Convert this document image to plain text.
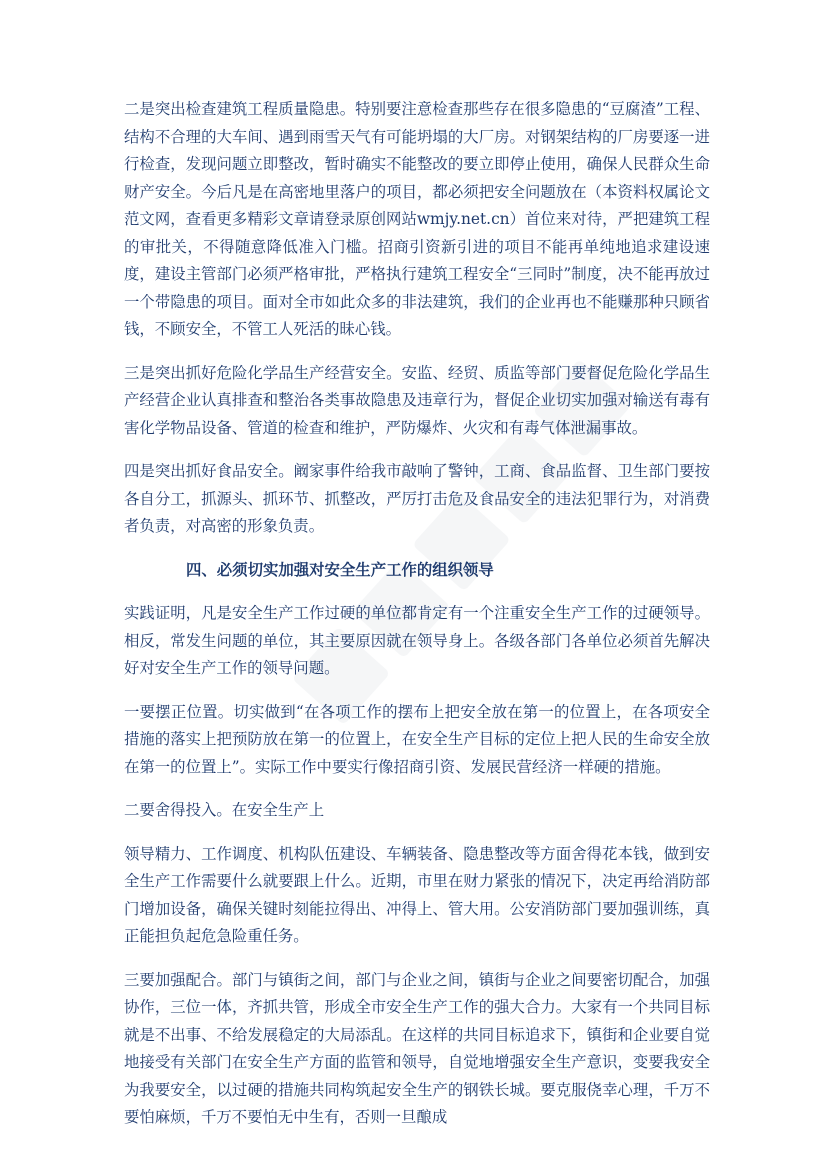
二是突出检查建筑工程质量隐患。特别要注意检查那些存在很多隐患的“豆腐渣”工程、结构不合理的大车间、遇到雨雪天气有可能坍塌的大厂房。对钢架结构的厂房要逐一进行检查，发现问题立即整改，暂时确实不能整改的要立即停止使用，确保人民群众生命财产安全。今后凡是在高密地里落户的项目，都必须把安全问题放在（本资料权属论文范文网，查看更多精彩文章请登录原创网站wmjy.net.cn）首位来对待，严把建筑工程的审批关，不得随意降低准入门槛。招商引资新引进的项目不能再单纯地追求建设速度，建设主管部门必须严格审批，严格执行建筑工程安全“三同时”制度，决不能再放过一个带隐患的项目。面对全市如此众多的非法建筑，我们的企业再也不能赚那种只顾省钱，不顾安全，不管工人死活的昧心钱。

三是突出抓好危险化学品生产经营安全。安监、经贸、质监等部门要督促危险化学品生产经营企业认真排查和整治各类事故隐患及违章行为，督促企业切实加强对输送有毒有害化学物品设备、管道的检查和维护，严防爆炸、火灾和有毒气体泄漏事故。

四是突出抓好食品安全。阚家事件给我市敲响了警钟，工商、食品监督、卫生部门要按各自分工，抓源头、抓环节、抓整改，严厉打击危及食品安全的违法犯罪行为，对消费者负责，对高密的形象负责。

四、必须切实加强对安全生产工作的组织领导

实践证明，凡是安全生产工作过硬的单位都肯定有一个注重安全生产工作的过硬领导。相反，常发生问题的单位，其主要原因就在领导身上。各级各部门各单位必须首先解决好对安全生产工作的领导问题。

一要摆正位置。切实做到“在各项工作的摆布上把安全放在第一的位置上，在各项安全措施的落实上把预防放在第一的位置上，在安全生产目标的定位上把人民的生命安全放在第一的位置上”。实际工作中要实行像招商引资、发展民营经济一样硬的措施。

二要舍得投入。在安全生产上

领导精力、工作调度、机构队伍建设、车辆装备、隐患整改等方面舍得花本钱，做到安全生产工作需要什么就要跟上什么。近期，市里在财力紧张的情况下，决定再给消防部门增加设备，确保关键时刻能拉得出、冲得上、管大用。公安消防部门要加强训练，真正能担负起危急险重任务。

三要加强配合。部门与镇街之间，部门与企业之间，镇街与企业之间要密切配合，加强协作，三位一体，齐抓共管，形成全市安全生产工作的强大合力。大家有一个共同目标就是不出事、不给发展稳定的大局添乱。在这样的共同目标追求下，镇街和企业要自觉地接受有关部门在安全生产方面的监管和领导，自觉地增强安全生产意识，变要我安全为我要安全，以过硬的措施共同构筑起安全生产的钢铁长城。要克服侥幸心理，千万不要怕麻烦，千万不要怕无中生有，否则一旦酿成
